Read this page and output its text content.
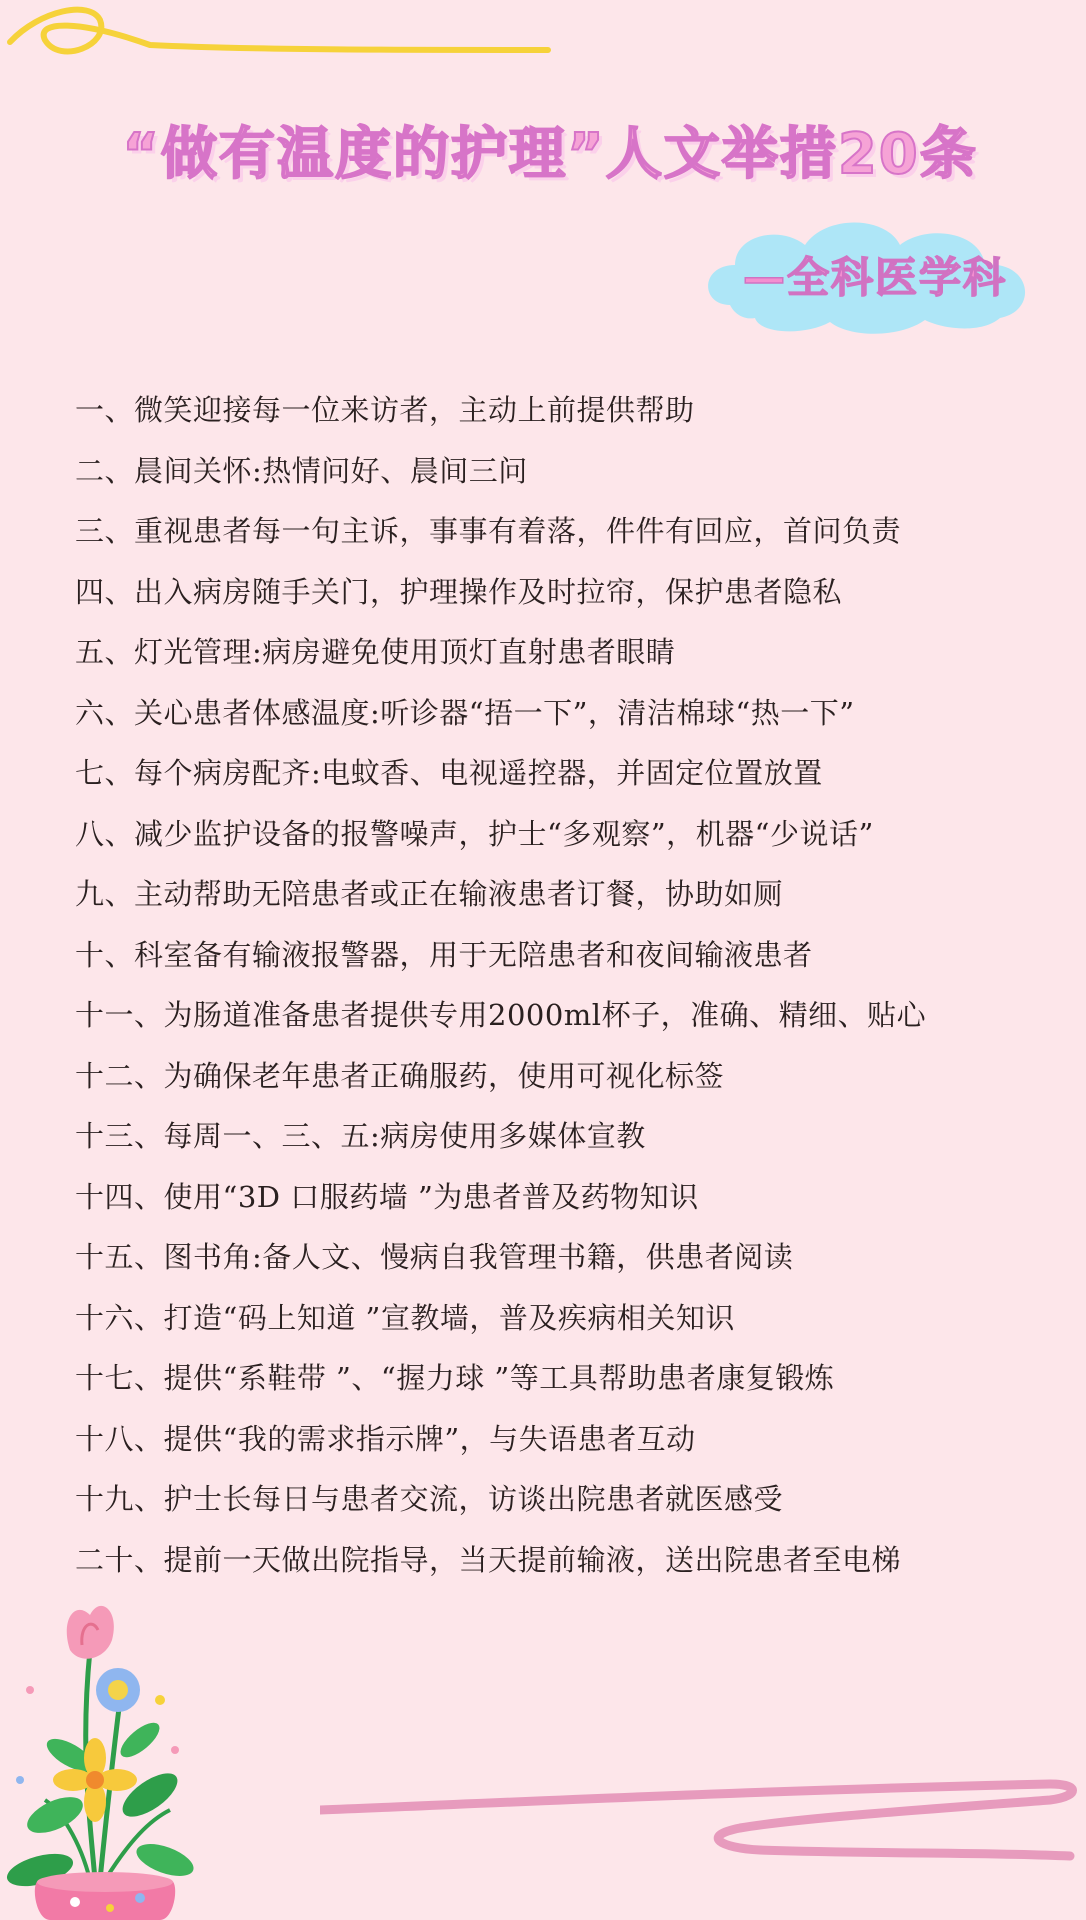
“做有温度的护理”人文举措20条
—全科医学科
一、微笑迎接每一位来访者，主动上前提供帮助
二、晨间关怀:热情问好、晨间三问
三、重视患者每一句主诉，事事有着落，件件有回应，首问负责
四、出入病房随手关门，护理操作及时拉帘，保护患者隐私
五、灯光管理:病房避免使用顶灯直射患者眼睛
六、关心患者体感温度:听诊器“捂一下”，清洁棉球“热一下”
七、每个病房配齐:电蚊香、电视遥控器，并固定位置放置
八、减少监护设备的报警噪声，护士“多观察”，机器“少说话”
九、主动帮助无陪患者或正在输液患者订餐，协助如厕
十、科室备有输液报警器，用于无陪患者和夜间输液患者
十一、为肠道准备患者提供专用2000ml杯子，准确、精细、贴心
十二、为确保老年患者正确服药，使用可视化标签
十三、每周一、三、五:病房使用多媒体宣教
十四、使用“3D 口服药墙 ”为患者普及药物知识
十五、图书角:备人文、慢病自我管理书籍，供患者阅读
十六、打造“码上知道 ”宣教墙，普及疾病相关知识
十七、提供“系鞋带 ”、“握力球 ”等工具帮助患者康复锻炼
十八、提供“我的需求指示牌”，与失语患者互动
十九、护士长每日与患者交流，访谈出院患者就医感受
二十、提前一天做出院指导，当天提前输液，送出院患者至电梯
